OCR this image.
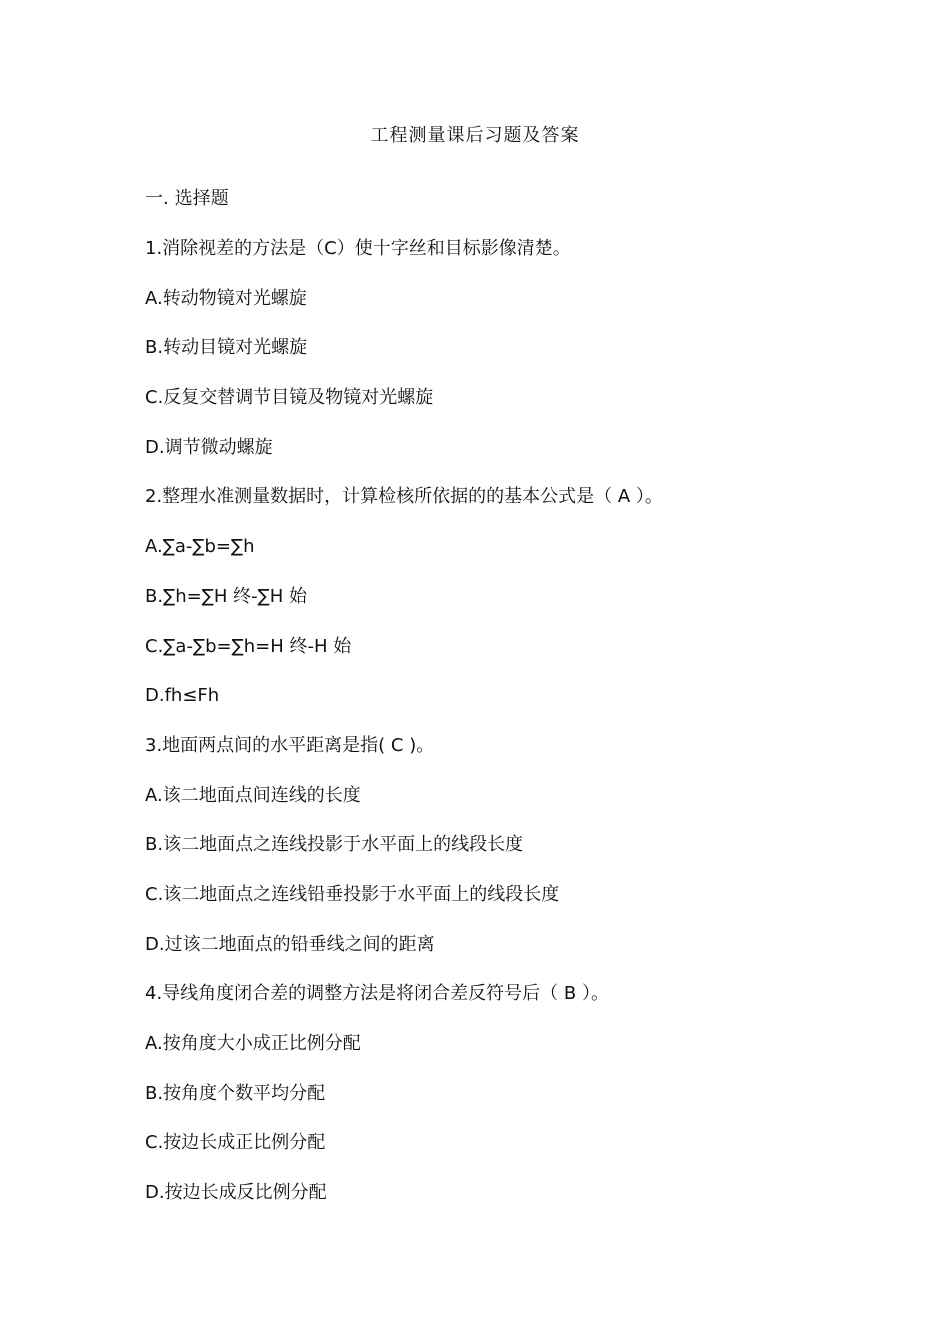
工程测量课后习题及答案
一. 选择题
1.消除视差的方法是（C）使十字丝和目标影像清楚。
A.转动物镜对光螺旋
B.转动目镜对光螺旋
C.反复交替调节目镜及物镜对光螺旋
D.调节微动螺旋
2.整理水准测量数据时，计算检核所依据的的基本公式是（ A ）。
A.∑a-∑b=∑h
B.∑h=∑H 终-∑H 始
C.∑a-∑b=∑h=H 终-H 始
D.fh≤Fh
3.地面两点间的水平距离是指( C )。
A.该二地面点间连线的长度
B.该二地面点之连线投影于水平面上的线段长度
C.该二地面点之连线铅垂投影于水平面上的线段长度
D.过该二地面点的铅垂线之间的距离
4.导线角度闭合差的调整方法是将闭合差反符号后（ B ）。
A.按角度大小成正比例分配
B.按角度个数平均分配
C.按边长成正比例分配
D.按边长成反比例分配
